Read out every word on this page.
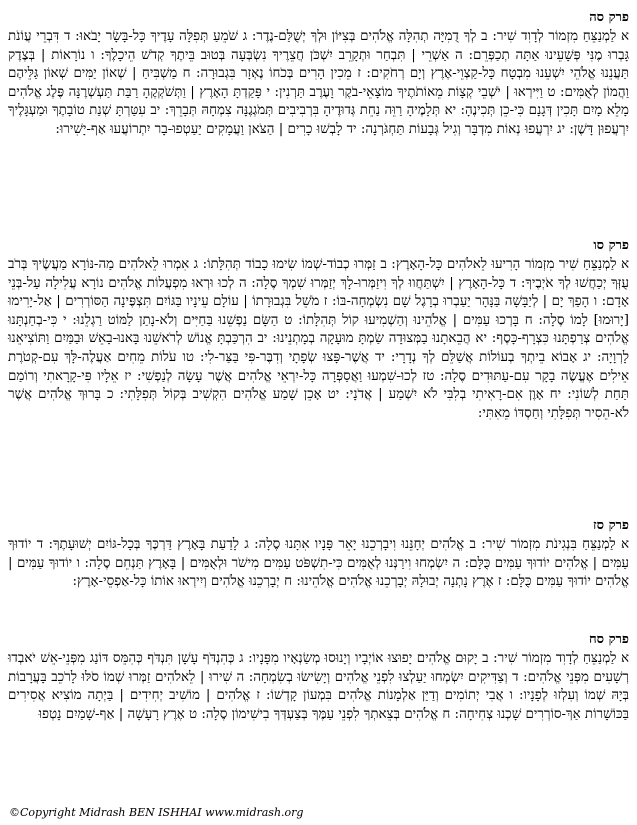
פרק סה

א לַמְנַצֵּחַ מִזְמוֹר לְדָוִד שִׁיר: ב לְךָ דֻמִיָּה תְהִלָּה אֱלֹהִים בְּצִיּוֹן וּלְךָ יְשֻׁלַּם-נֶדֶר: ג שֹׁמֵעַ תְּפִלָּה עָדֶיךָ כָּל-בָּשָׂר יָבֹאוּ: ד דִּבְרֵי עֲוֹנֹת גָּבְרוּ מֶנִּי פְּשָׁעֵינוּ אַתָּה תְכַפְּרֵם: ה אַשְׁרֵי | תִּבְחַר וּתְקָרֵב יִשְׁכֹּן חֲצֵרֶיךָ נִשְׂבְּעָה בְּטוּב בֵּיתֶךָ קְדֹשׁ הֵיכָלֶךָ: ו נוֹרָאוֹת | בְּצֶדֶק תַּעֲנֵנוּ אֱלֹהֵי יִשְׁעֵנוּ מִבְטָח כָּל-קַצְוֵי-אֶרֶץ וְיָם רְחֹקִים: ז מֵכִין הָרִים בְּכֹחוֹ נֶאְזָר בִּגְבוּרָה: ח מַשְׁבִּיחַ | שְׁאוֹן יַמִּים שְׁאוֹן גַּלֵּיהֶם וַהֲמוֹן לְאֻמִּים: ט וַיִּירְאוּ | יֹשְׁבֵי קְצָוֹת מֵאוֹתֹתֶיךָ מוֹצָאֵי-בֹקֶר וָעֶרֶב תַּרְנִין: י פָּקַדְתָּ הָאָרֶץ | וַתְּשֹׁקְקֶהָ רַבַּת תַּעְשְׁרֶנָּה פֶּלֶג אֱלֹהִים מָלֵא מָיִם תָּכִין דְּגָנָם כִּי-כֵן תְּכִינֶהָ: יא תְּלָמֶיהָ רַוֵּה נַחֵת גְּדוּדֶיהָ בִּרְבִיבִים תְּמֹגְגֶנָּה צִמְחָהּ תְּבָרֵךְ: יב עִטַּרְתָּ שְׁנַת טוֹבָתֶךָ וּמַעְגָּלֶיךָ יִרְעֲפוּן דָּשֶׁן: יג יִרְעֲפוּ נְאוֹת מִדְבָּר וְגִיל גְּבָעוֹת תַּחְגֹּרְנָה: יד לָבְשׁוּ כָרִים | הַצֹּאן וַעֲמָקִים יַעַטְפוּ-בָר יִתְרוֹעֲעוּ אַף-יָשִׁירוּ:

פרק סו

א לַמְנַצֵּחַ שִׁיר מִזְמוֹר הָרִיעוּ לֵאלֹהִים כָּל-הָאָרֶץ: ב זַמְּרוּ כְבוֹד-שְׁמוֹ שִׂימוּ כָבוֹד תְּהִלָּתוֹ: ג אִמְרוּ לֵאלֹהִים מַה-נּוֹרָא מַעֲשֶׂיךָ בְּרֹב עֻזְּךָ יְכַחֲשׁוּ לְךָ אֹיְבֶיךָ: ד כָּל-הָאָרֶץ | יִשְׁתַּחֲווּ לְךָ וִיזַמְּרוּ-לָךְ יְזַמְּרוּ שִׁמְךָ סֶלָה: ה לְכוּ וּרְאוּ מִפְעֲלוֹת אֱלֹהִים נוֹרָא עֲלִילָה עַל-בְּנֵי אָדָם: ו הָפַךְ יָם | לְיַבָּשָׁה בַּנָּהָר יַעַבְרוּ בְרָגֶל שָׁם נִשְׂמְחָה-בּוֹ: ז מֹשֵׁל בִּגְבוּרָתוֹ | עוֹלָם עֵינָיו בַּגּוֹיִם תִּצְפֶּינָה הַסּוֹרְרִים | אַל-יָרִימוּ [יָרוּמוּ] לָמוֹ סֶלָה: ח בָּרְכוּ עַמִּים | אֱלֹהֵינוּ וְהַשְׁמִיעוּ קוֹל תְּהִלָּתוֹ: ט הַשָּׂם נַפְשֵׁנוּ בַּחַיִּים וְלֹא-נָתַן לַמּוֹט רַגְלֵנוּ: י כִּי-בְחַנְתָּנוּ אֱלֹהִים צְרַפְתָּנוּ כִּצְרָף-כָּסֶף: יא הֲבֵאתָנוּ בַמְּצוּדָה שַׂמְתָּ מוּעָקָה בְמָתְנֵינוּ: יב הִרְכַּבְתָּ אֱנוֹשׁ לְרֹאשֵׁנוּ בָּאנוּ-בָאֵשׁ וּבַמַּיִם וַתּוֹצִיאֵנוּ לָרְוָיָה: יג אָבוֹא בֵיתְךָ בְעוֹלוֹת אֲשַׁלֵּם לְךָ נְדָרָי: יד אֲשֶׁר-פָּצוּ שְׂפָתָי וְדִבֶּר-פִּי בַּצַּר-לִי: טו עֹלוֹת מֵחִים אַעֲלֶה-לָּךְ עִם-קְטֹרֶת אֵילִים אֶעֱשֶׂה בָקָר עִם-עַתּוּדִים סֶלָה: טז לְכוּ-שִׁמְעוּ וַאֲסַפְּרָה כָּל-יִרְאֵי אֱלֹהִים אֲשֶׁר עָשָׂה לְנַפְשִׁי: יז אֵלָיו פִּי-קָרָאתִי וְרוֹמַם תַּחַת לְשׁוֹנִי: יח אָוֶן אִם-רָאִיתִי בְלִבִּי לֹא יִשְׁמַע | אֲדֹנָי: יט אָכֵן שָׁמַע אֱלֹהִים הִקְשִׁיב בְּקוֹל תְּפִלָּתִי: כ בָּרוּךְ אֱלֹהִים אֲשֶׁר לֹא-הֵסִיר תְּפִלָּתִי וְחַסְדּוֹ מֵאִתִּי:

פרק סז

א לַמְנַצֵּחַ בִּנְגִינֹת מִזְמוֹר שִׁיר: ב אֱלֹהִים יְחָנֵּנוּ וִיבָרְכֵנוּ יָאֵר פָּנָיו אִתָּנוּ סֶלָה: ג לָדַעַת בָּאָרֶץ דַּרְכֶּךָ בְּכָל-גּוֹיִם יְשׁוּעָתֶךָ: ד יוֹדוּךָ עַמִּים | אֱלֹהִים יוֹדוּךָ עַמִּים כֻּלָּם: ה יִשְׂמְחוּ וִירַנְּנוּ לְאֻמִּים כִּי-תִשְׁפֹּט עַמִּים מִישֹׁר וּלְאֻמִּים | בָּאָרֶץ תַּנְחֵם סֶלָה: ו יוֹדוּךָ עַמִּים | אֱלֹהִים יוֹדוּךָ עַמִּים כֻּלָּם: ז אֶרֶץ נָתְנָה יְבוּלָהּ יְבָרְכֵנוּ אֱלֹהִים אֱלֹהֵינוּ: ח יְבָרְכֵנוּ אֱלֹהִים וְיִירְאוּ אוֹתוֹ כָּל-אַפְסֵי-אָרֶץ:

פרק סח

א לַמְנַצֵּחַ לְדָוִד מִזְמוֹר שִׁיר: ב יָקוּם אֱלֹהִים יָפוּצוּ אוֹיְבָיו וְיָנוּסוּ מְשַׂנְאָיו מִפָּנָיו: ג כְּהִנְדֹּף עָשָׁן תִּנְדֹּף כְּהִמֵּס דּוֹנַג מִפְּנֵי-אֵשׁ יֹאבְדוּ רְשָׁעִים מִפְּנֵי אֱלֹהִים: ד וְצַדִּיקִים יִשְׂמְחוּ יַעַלְצוּ לִפְנֵי אֱלֹהִים וְיָשִׂישׂוּ בְשִׂמְחָה: ה שִׁירוּ | לֵאלֹהִים זַמְּרוּ שְׁמוֹ סֹלּוּ לָרֹכֵב בָּעֲרָבוֹת בְּיָהּ שְׁמוֹ וְעִלְזוּ לְפָנָיו: ו אֲבִי יְתוֹמִים וְדַיַּן אַלְמָנוֹת אֱלֹהִים בִּמְעוֹן קָדְשׁוֹ: ז אֱלֹהִים | מוֹשִׁיב יְחִידִים | בַּיְתָה מוֹצִיא אֲסִירִים בַּכּוֹשָׁרוֹת אַךְ-סוֹרְרִים שָׁכְנוּ צְחִיחָה: ח אֱלֹהִים בְּצֵאתְךָ לִפְנֵי עַמֶּךָ בְּצַעְדְּךָ בִישִׁימוֹן סֶלָה: ט אֶרֶץ רָעָשָׁה | אַף-שָׁמַיִם נָטְפוּ

©Copyright Midrash BEN ISHHAI www.midrash.org
